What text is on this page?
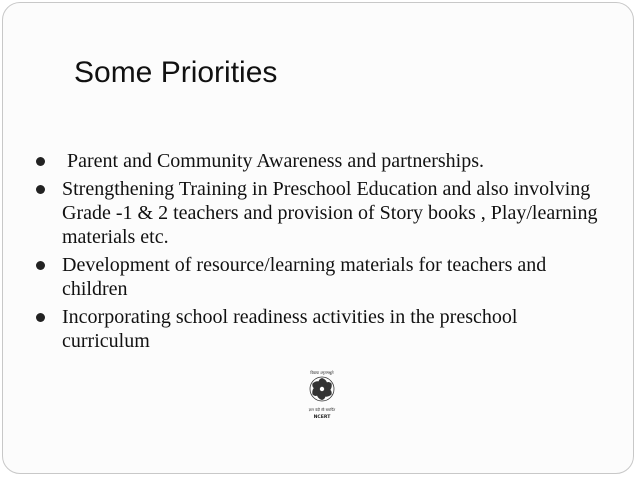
Some Priorities
Parent and Community Awareness and partnerships.
Strengthening Training in Preschool Education and also involving Grade -1 & 2 teachers and provision of Story books , Play/learning materials etc.
Development of resource/learning materials for teachers and children
Incorporating school readiness activities in the preschool curriculum
विद्यया ऽमृतमश्नुते
ज्ञान वंदी सी समर्पित
NCERT
